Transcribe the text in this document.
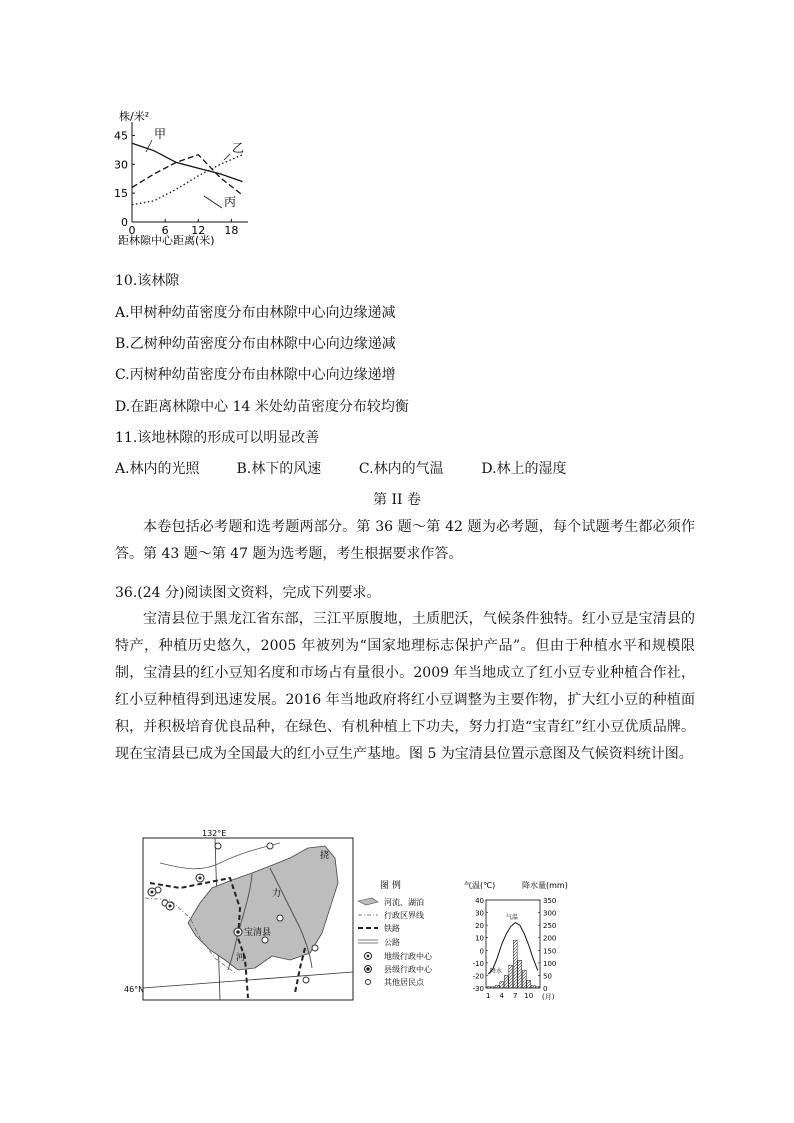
株/米²
0
15
30
45
0 6 12 18
甲
乙
丙
距林隙中心距离(米)
10.该林隙
A.甲树种幼苗密度分布由林隙中心向边缘递减
B.乙树种幼苗密度分布由林隙中心向边缘递减
C.丙树种幼苗密度分布由林隙中心向边缘递增
D.在距离林隙中心 14 米处幼苗密度分布较均衡
11.该地林隙的形成可以明显改善
A.林内的光照	B.林下的风速	C.林内的气温	D.林上的湿度
第 II 卷
本卷包括必考题和选考题两部分。第 36 题～第 42 题为必考题，每个试题考生都必须作答。第 43 题～第 47 题为选考题，考生根据要求作答。
36.(24 分)阅读图文资料，完成下列要求。
宝清县位于黑龙江省东部，三江平原腹地，土质肥沃，气候条件独特。红小豆是宝清县的特产，种植历史悠久，2005 年被列为“国家地理标志保护产品”。但由于种植水平和规模限制，宝清县的红小豆知名度和市场占有量很小。2009 年当地成立了红小豆专业种植合作社，红小豆种植得到迅速发展。2016 年当地政府将红小豆调整为主要作物，扩大红小豆的种植面积，并积极培育优良品种，在绿色、有机种植上下功夫，努力打造“宝青红”红小豆优质品牌。现在宝清县已成为全国最大的红小豆生产基地。图 5 为宝清县位置示意图及气候资料统计图。
132°E
46°N
宝清县
挠
力
河
图 例
河流、湖泊
行政区界线
铁路
公路
地级行政中心
县级行政中心
其他居民点
气温(℃)	降水量(mm)
40
30
20
10
0
-10
-20
-30
350
300
250
200
150
100
50
0
1 4 7 10 (月)
气温
降水
